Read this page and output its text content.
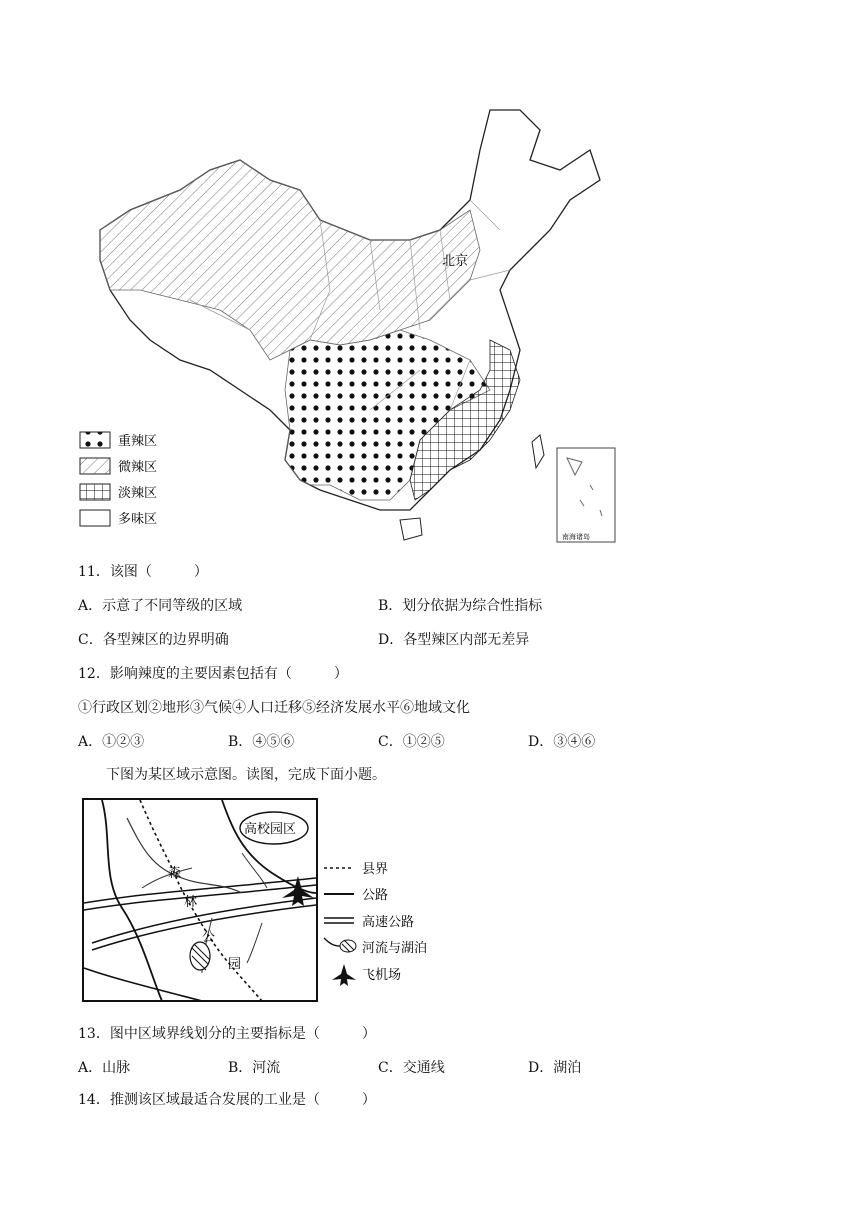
北京
重辣区
微辣区
淡辣区
多味区
南海诸岛
11．该图（　　　）
A．示意了不同等级的区域	B．划分依据为综合性指标
C．各型辣区的边界明确	D．各型辣区内部无差异
12．影响辣度的主要因素包括有（　　　）
①行政区划②地形③气候④人口迁移⑤经济发展水平⑥地域文化
A．①②③	B．④⑤⑥	C．①②⑤	D．③④⑥
下图为某区域示意图。读图，完成下面小题。
高校园区
森
林
公
园
县界
公路
高速公路
河流与湖泊
飞机场
13．图中区域界线划分的主要指标是（　　　）
A．山脉	B．河流	C．交通线	D．湖泊
14．推测该区域最适合发展的工业是（　　　）
